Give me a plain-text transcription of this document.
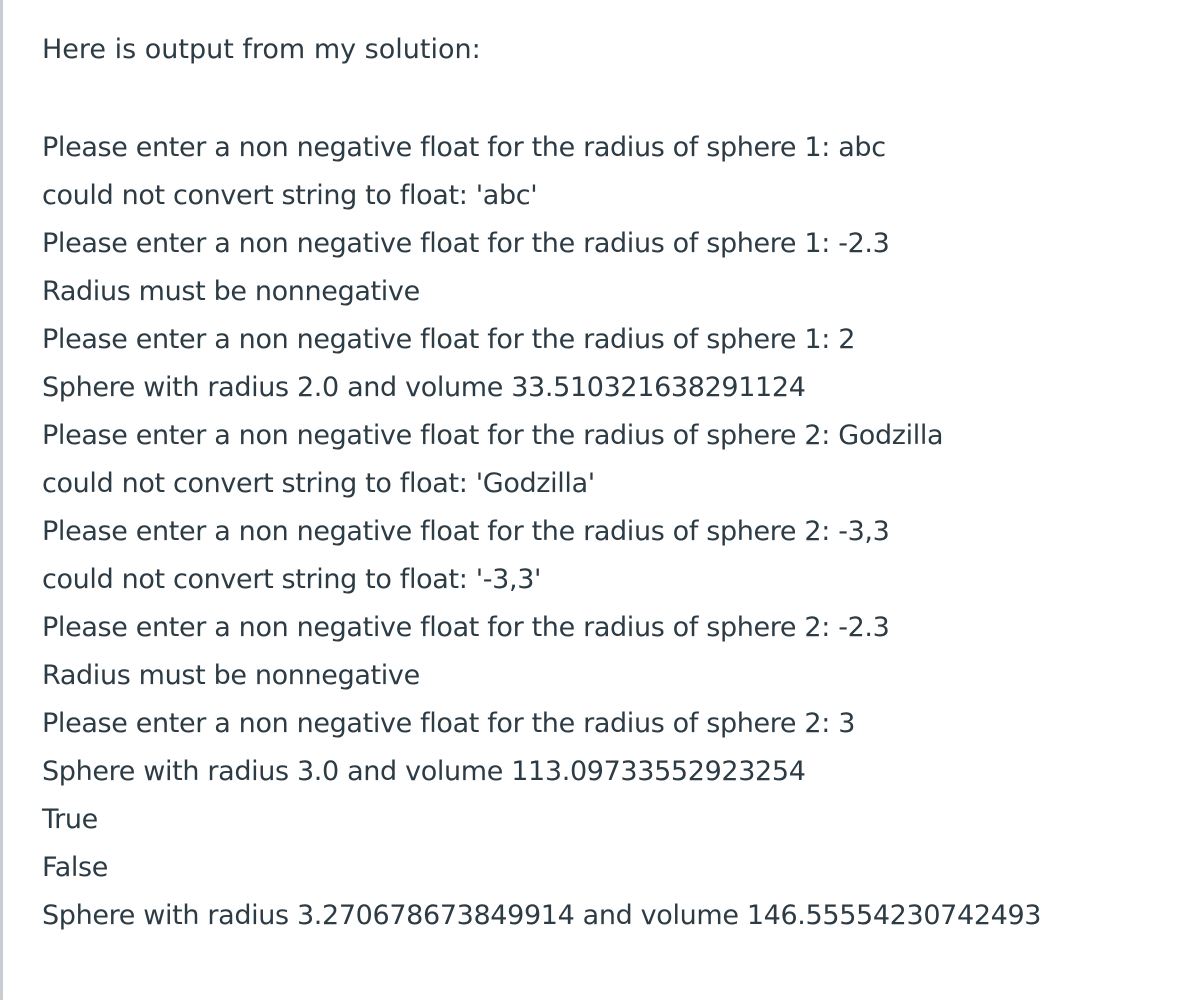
Here is output from my solution:

Please enter a non negative float for the radius of sphere 1: abc
could not convert string to float: 'abc'
Please enter a non negative float for the radius of sphere 1: -2.3
Radius must be nonnegative
Please enter a non negative float for the radius of sphere 1: 2
Sphere with radius 2.0 and volume 33.510321638291124
Please enter a non negative float for the radius of sphere 2: Godzilla
could not convert string to float: 'Godzilla'
Please enter a non negative float for the radius of sphere 2: -3,3
could not convert string to float: '-3,3'
Please enter a non negative float for the radius of sphere 2: -2.3
Radius must be nonnegative
Please enter a non negative float for the radius of sphere 2: 3
Sphere with radius 3.0 and volume 113.09733552923254
True
False
Sphere with radius 3.270678673849914 and volume 146.55554230742493
